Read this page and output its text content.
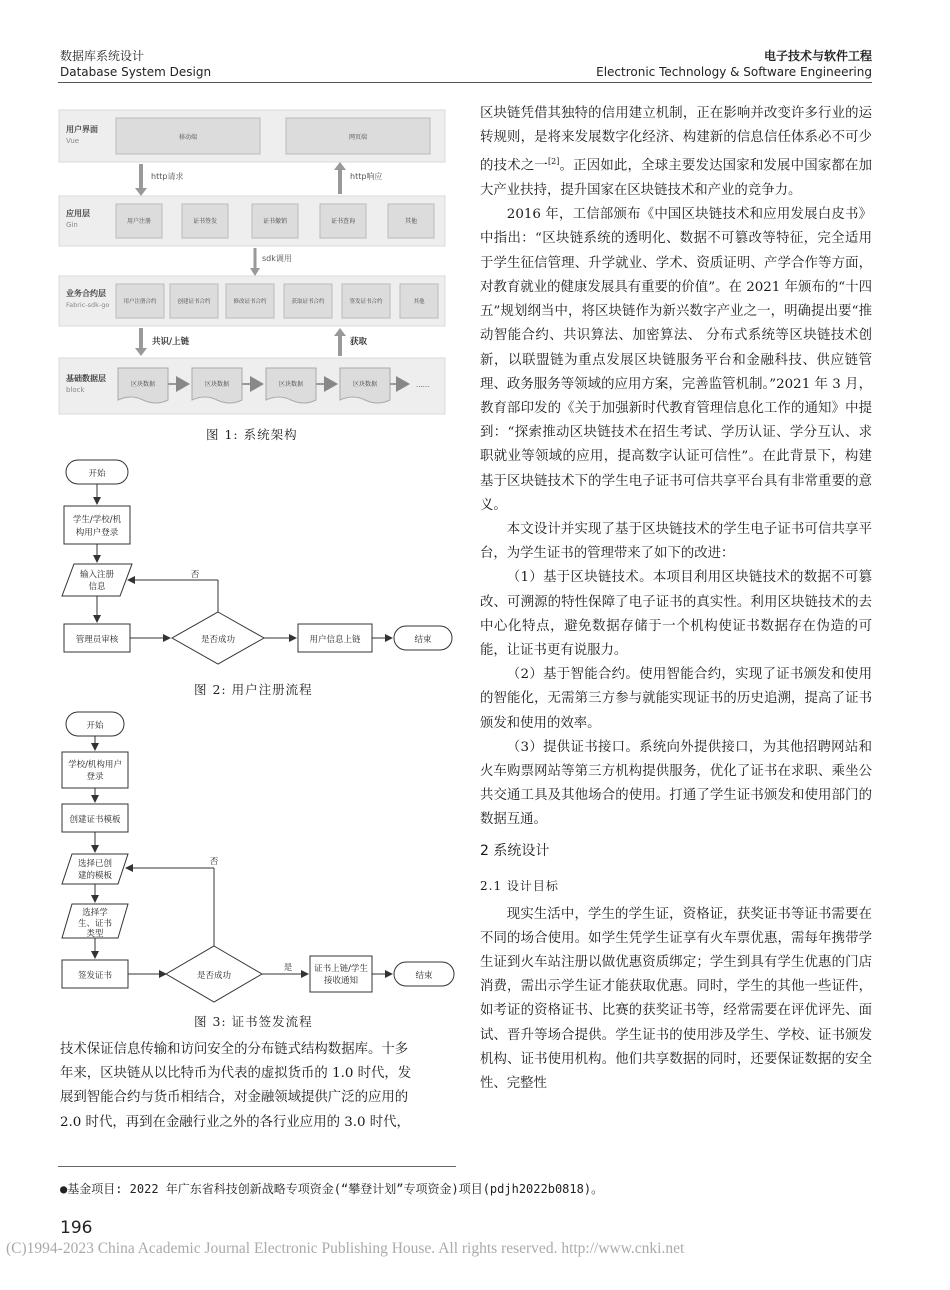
数据库系统设计
Database System Design
电子技术与软件工程
Electronic Technology & Software Engineering
用户界面
Vue	移动端	网页端
http请求	http响应
应用层
Gin	用户注册	证书签发	证书撤销	证书查询	其他
sdk调用
业务合约层
Fabric-sdk-go	用户注册合约	创建证书合约	修改证书合约	获取证书合约	签发证书合约	其他
共识/上链	获取
基础数据层
block
区块数据	区块数据	区块数据	区块数据	......
图 1: 系统架构
开始
学生/学校/机
构用户登录
输入注册
信息
管理员审核	是否成功
否
用户信息上链	结束
图 2: 用户注册流程
开始
学校/机构用户
登录
创建证书模板
选择已创
建的模板
选择学
生、证书
类型
签发证书	是否成功
是
否
证书上链/学生
接收通知	结束
图 3: 证书签发流程
技术保证信息传输和访问安全的分布链式结构数据库。十多
年来，区块链从以比特币为代表的虚拟货币的 1.0 时代，发
展到智能合约与货币相结合，对金融领域提供广泛的应用的
2.0 时代，再到在金融行业之外的各行业应用的 3.0 时代，

区块链凭借其独特的信用建立机制，正在影响并改变许多行业的运转规则，是将来发展数字化经济、构建新的信息信任体系必不可少的技术之一[2]。正因如此，全球主要发达国家和发展中国家都在加大产业扶持，提升国家在区块链技术和产业的竞争力。

2016 年，工信部颁布《中国区块链技术和应用发展白皮书》中指出：“区块链系统的透明化、数据不可篡改等特征，完全适用于学生征信管理、升学就业、学术、资质证明、产学合作等方面，对教育就业的健康发展具有重要的价值”。在 2021 年颁布的“十四五”规划纲当中，将区块链作为新兴数字产业之一，明确提出要“推动智能合约、共识算法、加密算法、 分布式系统等区块链技术创新，以联盟链为重点发展区块链服务平台和金融科技、供应链管理、政务服务等领域的应用方案，完善监管机制。”2021 年 3 月，教育部印发的《关于加强新时代教育管理信息化工作的通知》中提到：“探索推动区块链技术在招生考试、学历认证、学分互认、求职就业等领域的应用，提高数字认证可信性”。在此背景下，构建基于区块链技术下的学生电子证书可信共享平台具有非常重要的意义。

本文设计并实现了基于区块链技术的学生电子证书可信共享平台，为学生证书的管理带来了如下的改进：

（1）基于区块链技术。本项目利用区块链技术的数据不可篡改、可溯源的特性保障了电子证书的真实性。利用区块链技术的去中心化特点，避免数据存储于一个机构使证书数据存在伪造的可能，让证书更有说服力。

（2）基于智能合约。使用智能合约，实现了证书颁发和使用的智能化，无需第三方参与就能实现证书的历史追溯，提高了证书颁发和使用的效率。

（3）提供证书接口。系统向外提供接口，为其他招聘网站和火车购票网站等第三方机构提供服务，优化了证书在求职、乘坐公共交通工具及其他场合的使用。打通了学生证书颁发和使用部门的数据互通。

2 系统设计
2.1 设计目标

现实生活中，学生的学生证，资格证，获奖证书等证书需要在不同的场合使用。如学生凭学生证享有火车票优惠，需每年携带学生证到火车站注册以做优惠资质绑定；学生到具有学生优惠的门店消费，需出示学生证才能获取优惠。同时，学生的其他一些证件，如考证的资格证书、比赛的获奖证书等，经常需要在评优评先、面试、晋升等场合提供。学生证书的使用涉及学生、学校、证书颁发机构、证书使用机构。他们共享数据的同时，还要保证数据的安全性、完整性

●基金项目: 2022 年广东省科技创新战略专项资金(“攀登计划”专项资金)项目(pdjh2022b0818)。
196
(C)1994-2023 China Academic Journal Electronic Publishing House. All rights reserved. http://www.cnki.net
